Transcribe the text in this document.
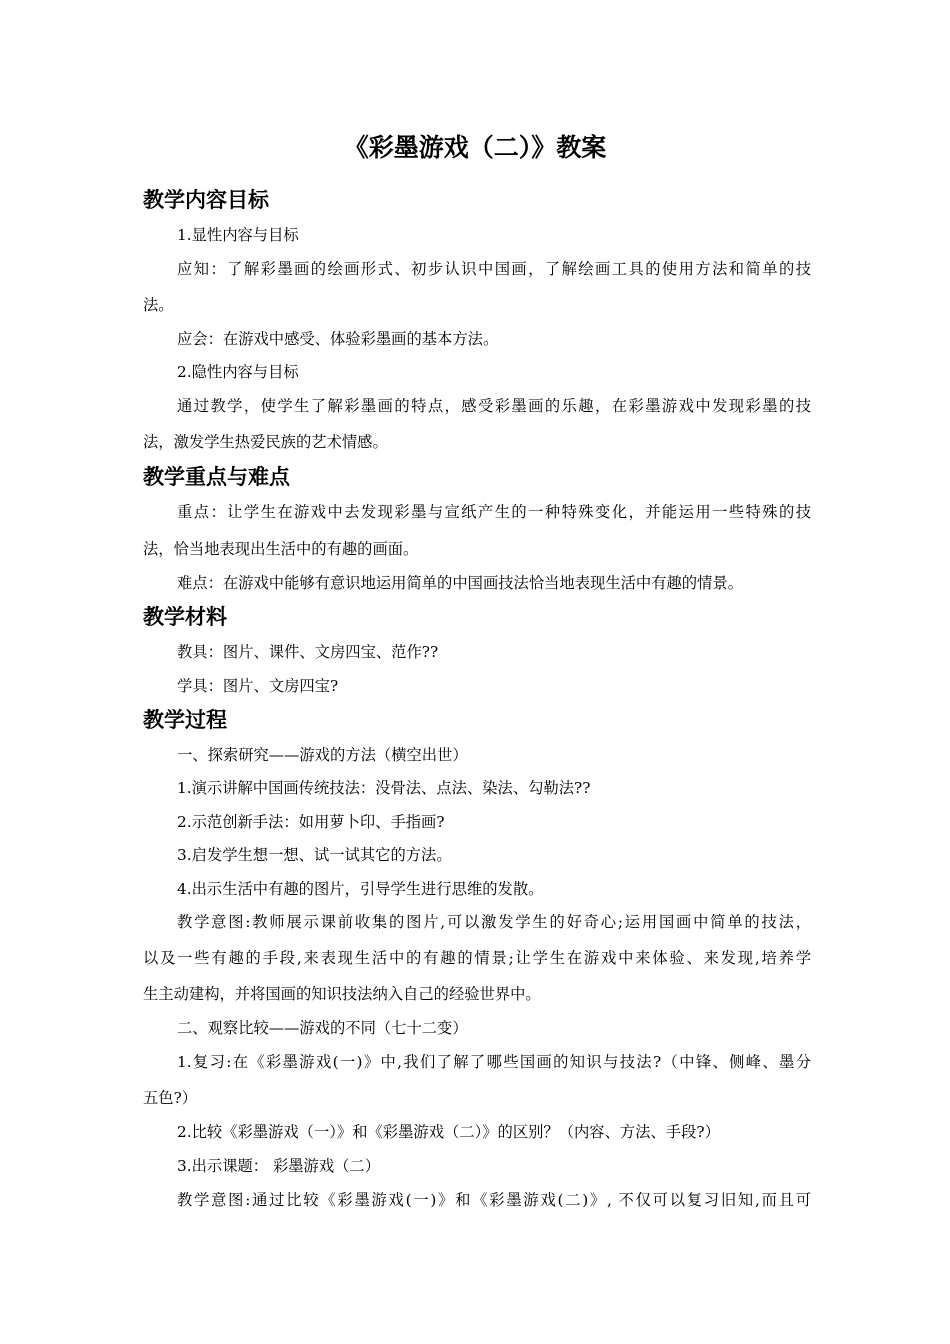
《彩墨游戏（二）》教案
教学内容目标
1.显性内容与目标
应知：了解彩墨画的绘画形式、初步认识中国画，了解绘画工具的使用方法和简单的技
法。
应会：在游戏中感受、体验彩墨画的基本方法。
2.隐性内容与目标
通过教学，使学生了解彩墨画的特点，感受彩墨画的乐趣，在彩墨游戏中发现彩墨的技
法，激发学生热爱民族的艺术情感。
教学重点与难点
重点：让学生在游戏中去发现彩墨与宣纸产生的一种特殊变化，并能运用一些特殊的技
法，恰当地表现出生活中的有趣的画面。
难点：在游戏中能够有意识地运用简单的中国画技法恰当地表现生活中有趣的情景。
教学材料
教具：图片、课件、文房四宝、范作??
学具：图片、文房四宝?
教学过程
一、探索研究——游戏的方法（横空出世）
1.演示讲解中国画传统技法：没骨法、点法、染法、勾勒法??
2.示范创新手法：如用萝卜印、手指画?
3.启发学生想一想、试一试其它的方法。
4.出示生活中有趣的图片，引导学生进行思维的发散。
教学意图:教师展示课前收集的图片,可以激发学生的好奇心;运用国画中简单的技法，
以及一些有趣的手段,来表现生活中的有趣的情景;让学生在游戏中来体验、来发现,培养学
生主动建构，并将国画的知识技法纳入自己的经验世界中。
二、观察比较——游戏的不同（七十二变）
1.复习:在《彩墨游戏(一)》中,我们了解了哪些国画的知识与技法?（中锋、侧峰、墨分
五色?）
2.比较《彩墨游戏（一）》和《彩墨游戏（二）》的区别？（内容、方法、手段?）
3.出示课题： 彩墨游戏（二）
教学意图:通过比较《彩墨游戏(一)》和《彩墨游戏(二)》, 不仅可以复习旧知,而且可
